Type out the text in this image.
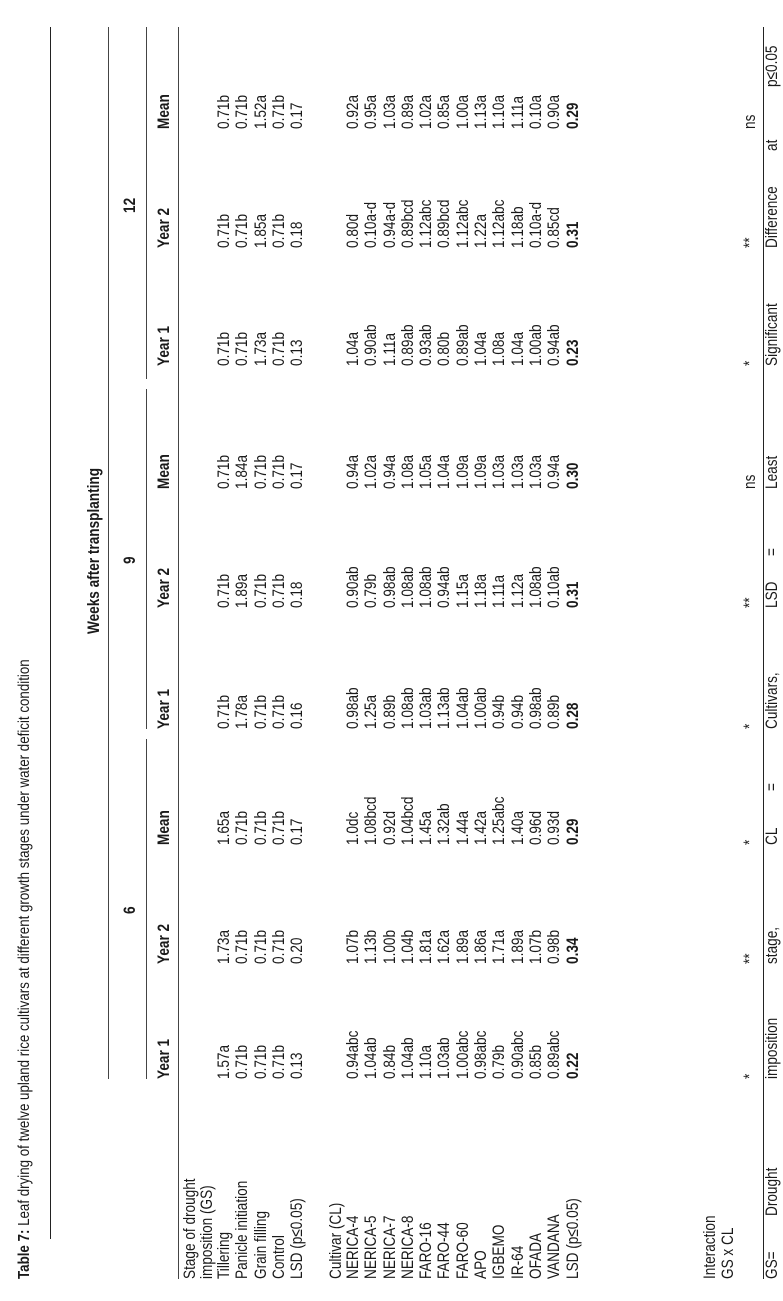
Table 7: Leaf drying of twelve upland rice cultivars at different growth stages under water deficit condition
Weeks after transplanting
6
9
12
Year 1
Year 2
Mean
Year 1
Year 2
Mean
Year 1
Year 2
Mean
Stage of drought
imposition (GS)
Tillering Panicle initiation Grain filling Control LSD (p≤0.05)
1.57a 0.71b 0.71b 0.71b 0.13
1.73a 0.71b 0.71b 0.71b 0.20
1.65a 0.71b 0.71b 0.71b 0.17
0.71b 1.78a 0.71b 0.71b 0.16
0.71b 1.89a 0.71b 0.71b 0.18
0.71b 1.84a 0.71b 0.71b 0.17
0.71b 0.71b 1.73a 0.71b 0.13
0.71b 0.71b 1.85a 0.71b 0.18
0.71b 0.71b 1.52a 0.71b 0.17
Cultivar (CL)
NERICA-4 NERICA-5 NERICA-7 NERICA-8 FARO-16 FARO-44 FARO-60 APO IGBEMO IR-64 OFADA VANDANA LSD (p≤0.05)
0.94abc 1.04ab 0.84b 1.04ab 1.10a 1.03ab 1.00abc 0.98abc 0.79b 0.90abc 0.85b 0.89abc 0.22
1.07b 1.13b 1.00b 1.04b 1.81a 1.62a 1.89a 1.86a 1.71a 1.89a 1.07b 0.98b 0.34
1.0dc 1.08bcd 0.92d 1.04bcd 1.45a 1.32ab 1.44a 1.42a 1.25abc 1.40a 0.96d 0.93d 0.29
0.98ab 1.25a 0.89b 1.08ab 1.03ab 1.13ab 1.04ab 1.00ab 0.94b 0.94b 0.98ab 0.89b 0.28
0.90ab 0.79b 0.98ab 1.08ab 1.08ab 0.94ab 1.15a 1.18a 1.11a 1.12a 1.08ab 0.10ab 0.31
0.94a 1.02a 0.94a 1.08a 1.05a 1.04a 1.09a 1.09a 1.03a 1.03a 1.03a 0.94a 0.30
1.04a 0.90ab 1.11a 0.89ab 0.93ab 0.80b 0.89ab 1.04a 1.08a 1.04a 1.00ab 0.94ab 0.23
0.80d 0.10a-d 0.94a-d 0.89bcd 1.12abc 0.89bcd 1.12abc 1.22a 1.12abc 1.18ab 0.10a-d 0.85cd 0.31
0.92a 0.95a 1.03a 0.89a 1.02a 0.85a 1.00a 1.13a 1.10a 1.11a 0.10a 0.90a 0.29
Interaction GS x CL
*
**
*
*
**
ns
*
**
ns
GS=
Drought
imposition
stage,
CL
=
Cultivars,
LSD
=
Least
Significant
Difference
at
p≤0.05
